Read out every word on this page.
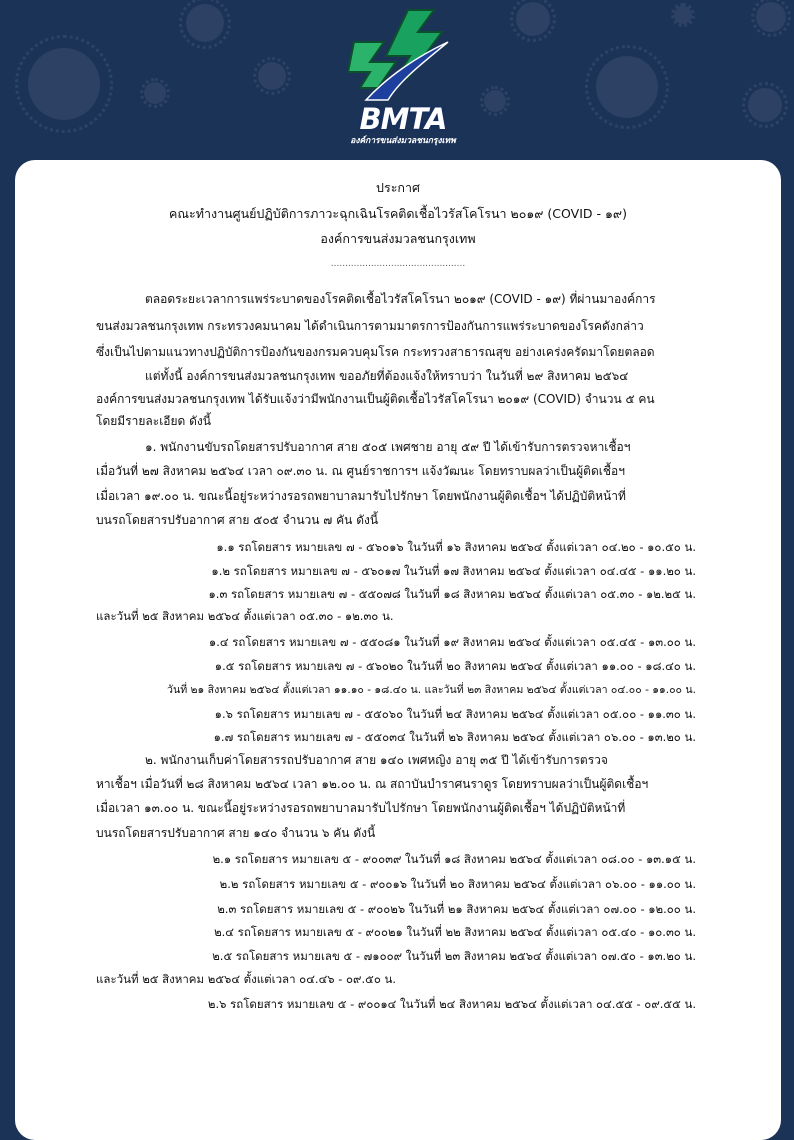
BMTA
องค์การขนส่งมวลชนกรุงเทพ
ประกาศ
คณะทำงานศูนย์ปฏิบัติการภาวะฉุกเฉินโรคติดเชื้อไวรัสโคโรนา ๒๐๑๙ (COVID - ๑๙)
องค์การขนส่งมวลชนกรุงเทพ
...............................................
ตลอดระยะเวลาการแพร่ระบาดของโรคติดเชื้อไวรัสโคโรนา ๒๐๑๙ (COVID - ๑๙) ที่ผ่านมาองค์การ
ขนส่งมวลชนกรุงเทพ กระทรวงคมนาคม ได้ดำเนินการตามมาตรการป้องกันการแพร่ระบาดของโรคดังกล่าว
ซึ่งเป็นไปตามแนวทางปฏิบัติการป้องกันของกรมควบคุมโรค กระทรวงสาธารณสุข อย่างเคร่งครัดมาโดยตลอด
แต่ทั้งนี้ องค์การขนส่งมวลชนกรุงเทพ ขออภัยที่ต้องแจ้งให้ทราบว่า ในวันที่ ๒๙ สิงหาคม ๒๕๖๔
องค์การขนส่งมวลชนกรุงเทพ ได้รับแจ้งว่ามีพนักงานเป็นผู้ติดเชื้อไวรัสโคโรนา ๒๐๑๙ (COVID) จำนวน ๕ คน
โดยมีรายละเอียด ดังนี้
๑. พนักงานขับรถโดยสารปรับอากาศ สาย ๕๐๕ เพศชาย อายุ ๕๙ ปี ได้เข้ารับการตรวจหาเชื้อฯ
เมื่อวันที่ ๒๗ สิงหาคม ๒๕๖๔ เวลา ๐๙.๓๐ น. ณ ศูนย์ราชการฯ แจ้งวัฒนะ โดยทราบผลว่าเป็นผู้ติดเชื้อฯ
เมื่อเวลา ๑๙.๐๐ น. ขณะนี้อยู่ระหว่างรอรถพยาบาลมารับไปรักษา โดยพนักงานผู้ติดเชื้อฯ ได้ปฏิบัติหน้าที่
บนรถโดยสารปรับอากาศ สาย ๕๐๕ จำนวน ๗ คัน ดังนี้
๑.๑ รถโดยสาร หมายเลข ๗ - ๕๖๐๑๖ ในวันที่ ๑๖ สิงหาคม ๒๕๖๔ ตั้งแต่เวลา ๐๔.๒๐ - ๑๐.๕๐ น.
๑.๒ รถโดยสาร หมายเลข ๗ - ๕๖๐๑๗ ในวันที่ ๑๗ สิงหาคม ๒๕๖๔ ตั้งแต่เวลา ๐๔.๔๕ - ๑๑.๒๐ น.
๑.๓ รถโดยสาร หมายเลข ๗ - ๕๕๐๗๘ ในวันที่ ๑๘ สิงหาคม ๒๕๖๔ ตั้งแต่เวลา ๐๕.๓๐ - ๑๒.๒๕ น.
และวันที่ ๒๕ สิงหาคม ๒๕๖๔ ตั้งแต่เวลา ๐๕.๓๐ - ๑๒.๓๐ น.
๑.๔ รถโดยสาร หมายเลข ๗ - ๕๕๐๘๑ ในวันที่ ๑๙ สิงหาคม ๒๕๖๔ ตั้งแต่เวลา ๐๕.๔๕ - ๑๓.๐๐ น.
๑.๕ รถโดยสาร หมายเลข ๗ - ๕๖๐๒๐ ในวันที่ ๒๐ สิงหาคม ๒๕๖๔ ตั้งแต่เวลา ๑๑.๐๐ - ๑๘.๔๐ น.
วันที่ ๒๑ สิงหาคม ๒๕๖๔ ตั้งแต่เวลา ๑๑.๑๐ - ๑๘.๔๐ น. และวันที่ ๒๓ สิงหาคม ๒๕๖๔ ตั้งแต่เวลา ๐๔.๐๐ - ๑๑.๐๐ น.
๑.๖ รถโดยสาร หมายเลข ๗ - ๕๕๐๖๐ ในวันที่ ๒๔ สิงหาคม ๒๕๖๔ ตั้งแต่เวลา ๐๕.๐๐ - ๑๑.๓๐ น.
๑.๗ รถโดยสาร หมายเลข ๗ - ๕๕๐๓๔ ในวันที่ ๒๖ สิงหาคม ๒๕๖๔ ตั้งแต่เวลา ๐๖.๐๐ - ๑๓.๒๐ น.
๒. พนักงานเก็บค่าโดยสารรถปรับอากาศ สาย ๑๔๐ เพศหญิง อายุ ๓๕ ปี ได้เข้ารับการตรวจ
หาเชื้อฯ เมื่อวันที่ ๒๘ สิงหาคม ๒๕๖๔ เวลา ๑๒.๐๐ น. ณ สถาบันบำราศนราดูร โดยทราบผลว่าเป็นผู้ติดเชื้อฯ
เมื่อเวลา ๑๓.๐๐ น. ขณะนี้อยู่ระหว่างรอรถพยาบาลมารับไปรักษา โดยพนักงานผู้ติดเชื้อฯ ได้ปฏิบัติหน้าที่
บนรถโดยสารปรับอากาศ สาย ๑๔๐ จำนวน ๖ คัน ดังนี้
๒.๑ รถโดยสาร หมายเลข ๕ - ๙๐๐๓๙ ในวันที่ ๑๘ สิงหาคม ๒๕๖๔ ตั้งแต่เวลา ๐๘.๐๐ - ๑๓.๑๕ น.
๒.๒ รถโดยสาร หมายเลข ๕ - ๙๐๐๑๖ ในวันที่ ๒๐ สิงหาคม ๒๕๖๔ ตั้งแต่เวลา ๐๖.๐๐ - ๑๑.๐๐ น.
๒.๓ รถโดยสาร หมายเลข ๕ - ๙๐๐๒๖ ในวันที่ ๒๑ สิงหาคม ๒๕๖๔ ตั้งแต่เวลา ๐๗.๐๐ - ๑๒.๐๐ น.
๒.๔ รถโดยสาร หมายเลข ๕ - ๙๐๐๒๑ ในวันที่ ๒๒ สิงหาคม ๒๕๖๔ ตั้งแต่เวลา ๐๕.๔๐ - ๑๐.๓๐ น.
๒.๕ รถโดยสาร หมายเลข ๕ - ๗๑๐๐๙ ในวันที่ ๒๓ สิงหาคม ๒๕๖๔ ตั้งแต่เวลา ๐๗.๕๐ - ๑๓.๒๐ น.
และวันที่ ๒๕ สิงหาคม ๒๕๖๔ ตั้งแต่เวลา ๐๔.๔๖ - ๐๙.๕๐ น.
๒.๖ รถโดยสาร หมายเลข ๕ - ๙๐๐๑๔ ในวันที่ ๒๔ สิงหาคม ๒๕๖๔ ตั้งแต่เวลา ๐๔.๕๕ - ๐๙.๕๕ น.
